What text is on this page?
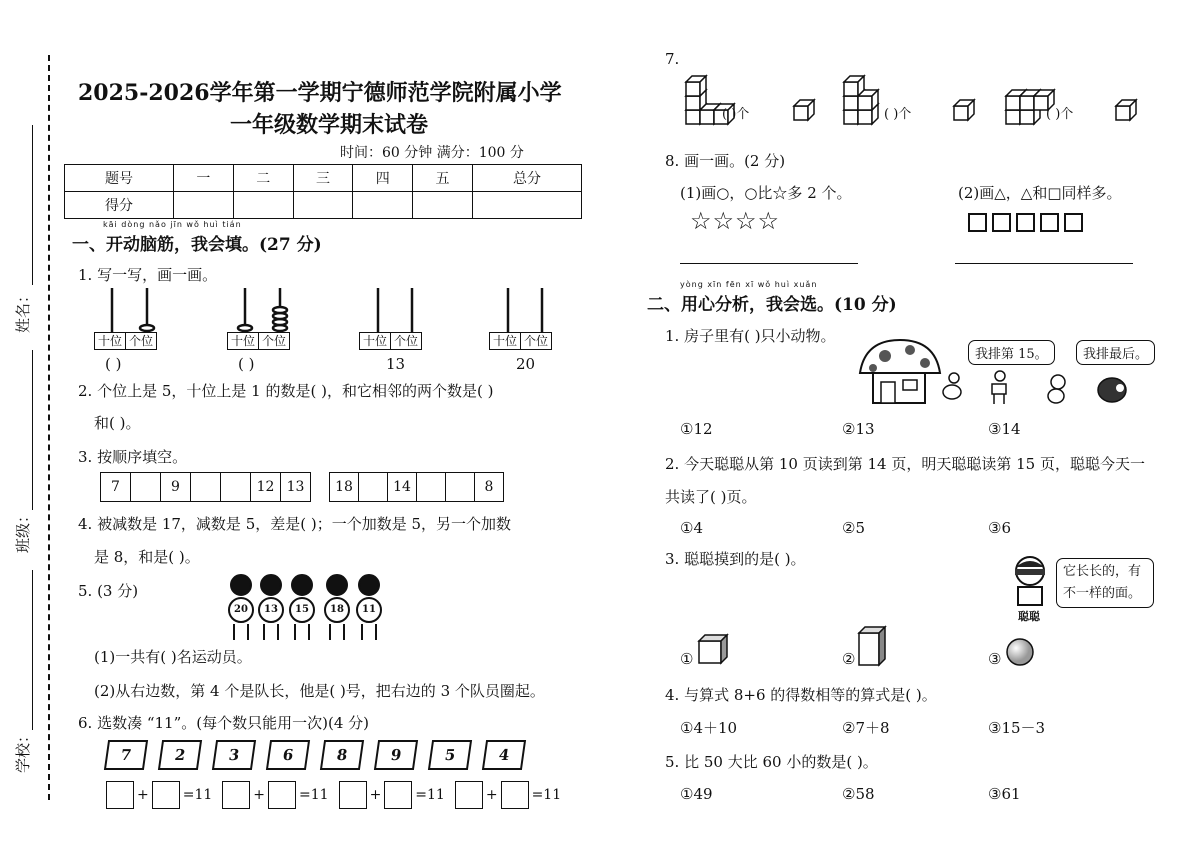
姓名：
班级：
学校：
2025-2026学年第一学期宁德师范学院附属小学
一年级数学期末试卷
时间：60 分钟 满分：100 分
题号	一	二	三	四	五	总分
得分						
kāi dòng nǎo jīn wǒ huì tián
一、开动脑筋，我会填。(27 分)
1. 写一写，画一画。
十位 个位	十位 个位	十位 个位	十位 个位
( )	( )	13	20
2. 个位上是 5，十位上是 1 的数是( )，和它相邻的两个数是( )
和( )。
3. 按顺序填空。
7	9	12 13	18	14	8
4. 被减数是 17，减数是 5，差是( )；一个加数是 5，另一个加数
是 8，和是( )。
5. (3 分)
20	13	15	18	11
(1)一共有( )名运动员。
(2)从右边数，第 4 个是队长，他是( )号，把右边的 3 个队员圈起。
6. 选数凑 “11”。(每个数只能用一次)(4 分)
7	2	3	6	8	9	5	4
+ =11	+ =11	+ =11	+ =11
7.
( )个	( )个	( )个
8. 画一画。(2 分)
(1)画○，○比☆多 2 个。
☆☆☆☆
(2)画△，△和□同样多。
yòng xīn fēn xī wǒ huì xuǎn
二、用心分析，我会选。(10 分)
1. 房子里有( )只小动物。
我排第 15。	我排最后。
①12	②13	③14
2. 今天聪聪从第 10 页读到第 14 页，明天聪聪读第 15 页，聪聪今天一
共读了( )页。
①4	②5	③6
3. 聪聪摸到的是( )。
聪聪
它长长的，有不一样的面。
①	②	③
4. 与算式 8+6 的得数相等的算式是( )。
①4＋10	②7＋8	③15－3
5. 比 50 大比 60 小的数是( )。
①49	②58	③61
